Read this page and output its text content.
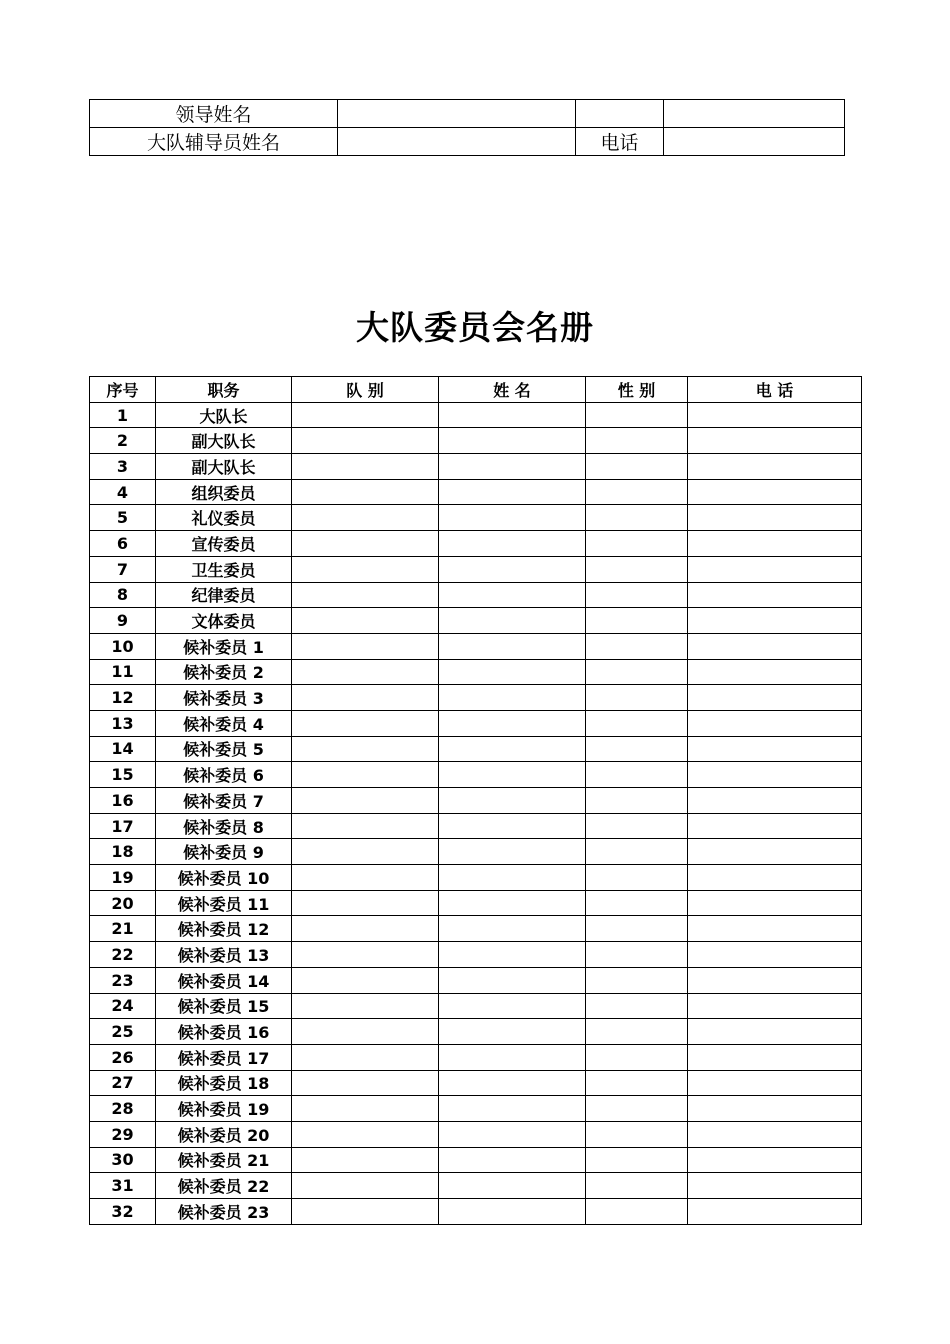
领导姓名			
大队辅导员姓名		电话	
大队委员会名册
序号	职务	队 别	姓 名	性 别	电 话
1	大队长				
2	副大队长				
3	副大队长				
4	组织委员				
5	礼仪委员				
6	宣传委员				
7	卫生委员				
8	纪律委员				
9	文体委员				
10	候补委员 1				
11	候补委员 2				
12	候补委员 3				
13	候补委员 4				
14	候补委员 5				
15	候补委员 6				
16	候补委员 7				
17	候补委员 8				
18	候补委员 9				
19	候补委员 10				
20	候补委员 11				
21	候补委员 12				
22	候补委员 13				
23	候补委员 14				
24	候补委员 15				
25	候补委员 16				
26	候补委员 17				
27	候补委员 18				
28	候补委员 19				
29	候补委员 20				
30	候补委员 21				
31	候补委员 22				
32	候补委员 23				
